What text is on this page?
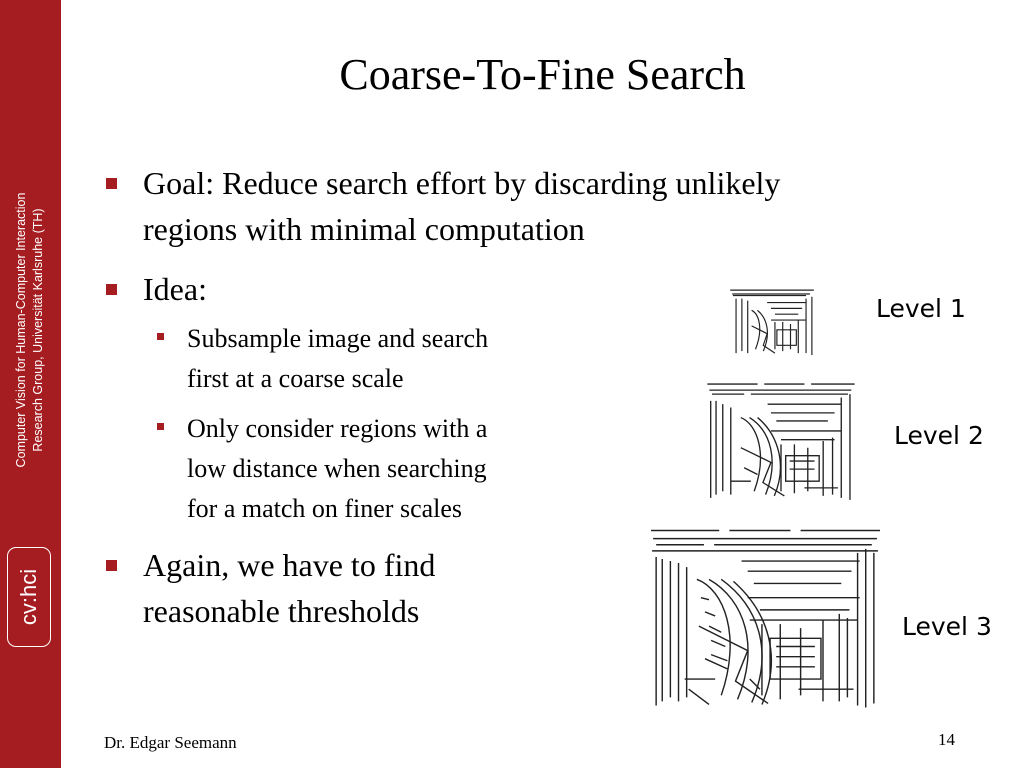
Computer Vision for Human-Computer Interaction Research Group, Universität Karlsruhe (TH)
cv:hci
Coarse-To-Fine Search
Goal: Reduce search effort by discarding unlikely
regions with minimal computation
Idea:
Subsample image and search
first at a coarse scale
Only consider regions with a
low distance when searching
for a match on finer scales
Again, we have to find
reasonable thresholds
Level 1
Level 2
Level 3
Dr. Edgar Seemann	14
